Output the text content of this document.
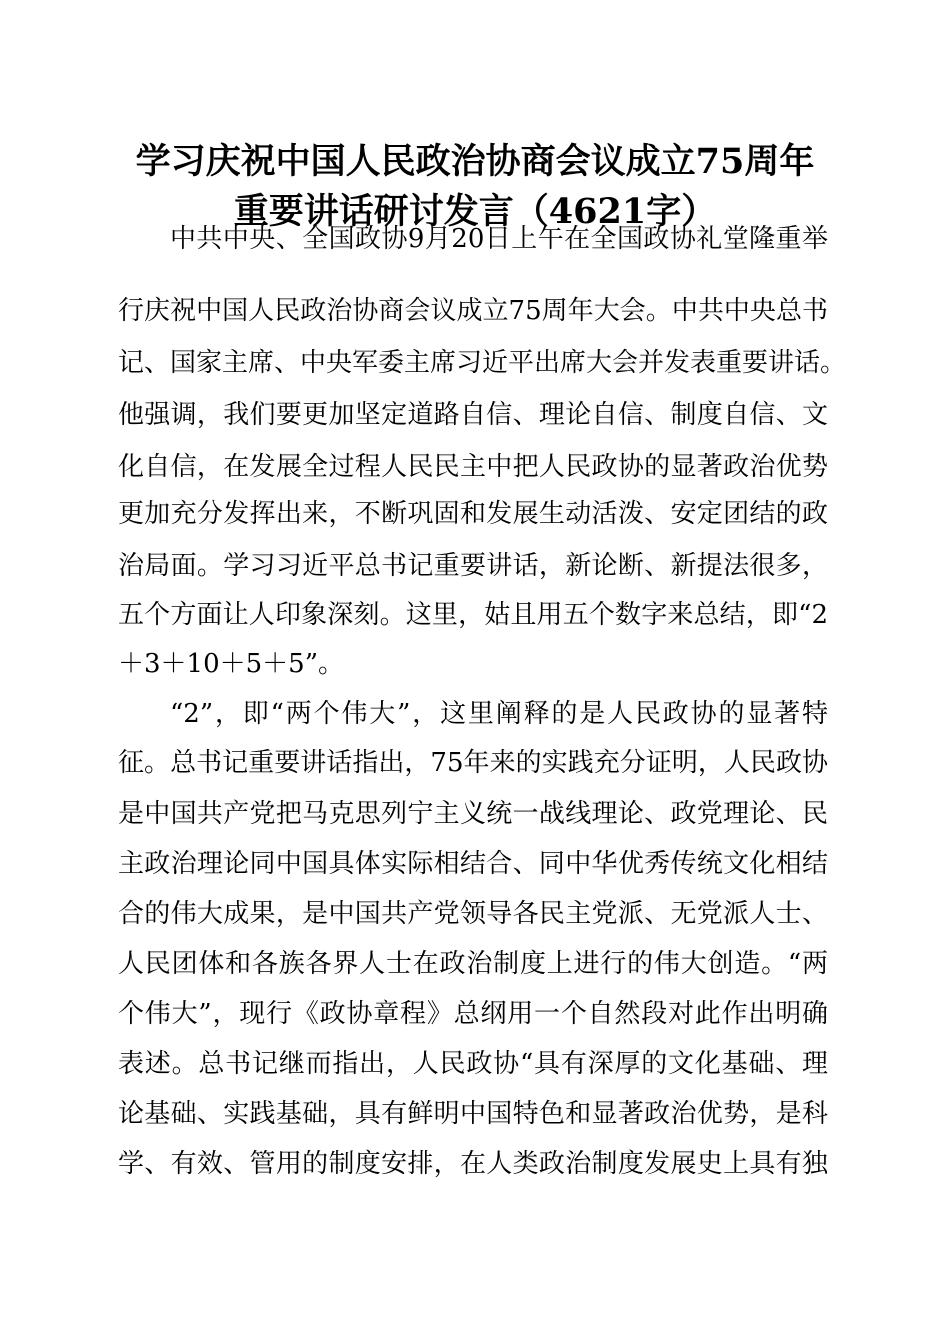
学习庆祝中国人民政治协商会议成立75周年
重要讲话研讨发言（4621字）
中共中央、全国政协9月20日上午在全国政协礼堂隆重举
行庆祝中国人民政治协商会议成立75周年大会。中共中央总书
记、国家主席、中央军委主席习近平出席大会并发表重要讲话。
他强调，我们要更加坚定道路自信、理论自信、制度自信、文
化自信，在发展全过程人民民主中把人民政协的显著政治优势
更加充分发挥出来，不断巩固和发展生动活泼、安定团结的政
治局面。学习习近平总书记重要讲话，新论断、新提法很多，
五个方面让人印象深刻。这里，姑且用五个数字来总结，即“2
＋3＋10＋5＋5”。
“2”，即“两个伟大”，这里阐释的是人民政协的显著特
征。总书记重要讲话指出，75年来的实践充分证明，人民政协
是中国共产党把马克思列宁主义统一战线理论、政党理论、民
主政治理论同中国具体实际相结合、同中华优秀传统文化相结
合的伟大成果，是中国共产党领导各民主党派、无党派人士、
人民团体和各族各界人士在政治制度上进行的伟大创造。“两
个伟大”，现行《政协章程》总纲用一个自然段对此作出明确
表述。总书记继而指出，人民政协“具有深厚的文化基础、理
论基础、实践基础，具有鲜明中国特色和显著政治优势，是科
学、有效、管用的制度安排，在人类政治制度发展史上具有独
